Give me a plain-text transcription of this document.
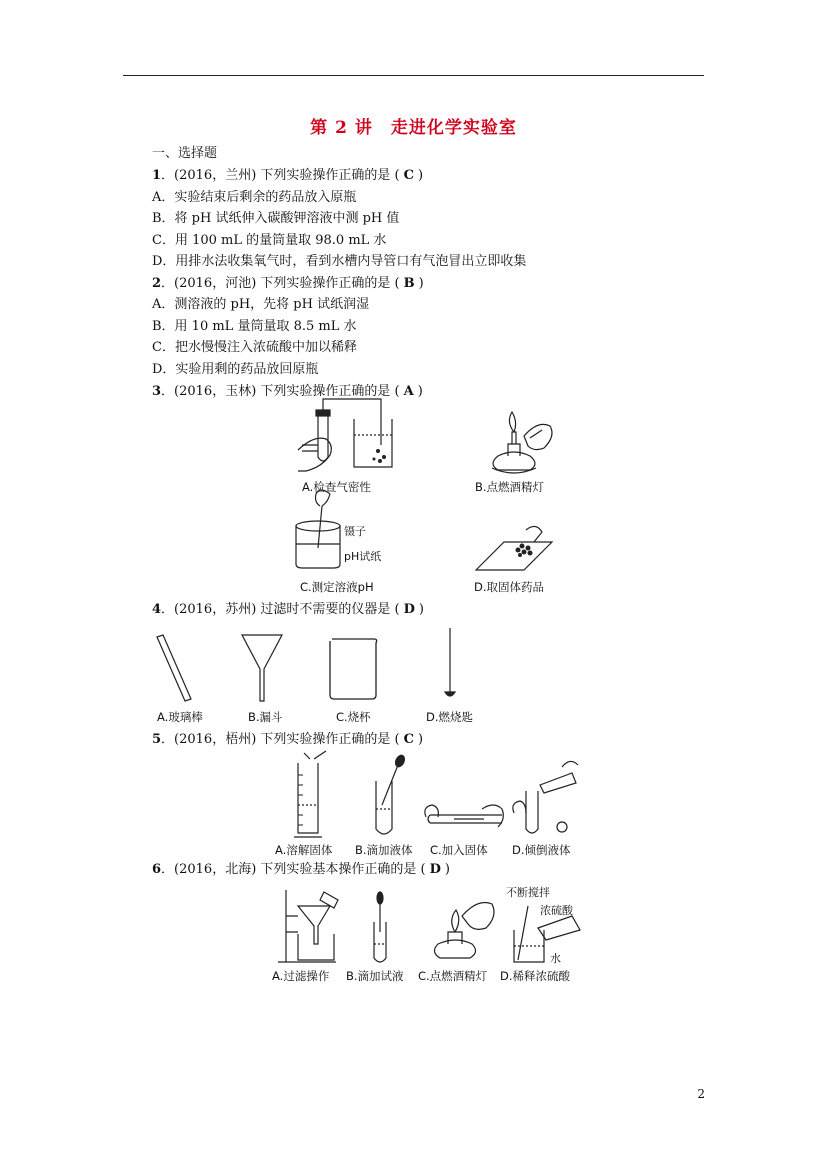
第 2 讲　走进化学实验室
一、选择题
1．(2016，兰州) 下列实验操作正确的是 ( C )
A．实验结束后剩余的药品放入原瓶
B．将 pH 试纸伸入碳酸钾溶液中测 pH 值
C．用 100 mL 的量筒量取 98.0 mL 水
D．用排水法收集氧气时，看到水槽内导管口有气泡冒出立即收集
2．(2016，河池) 下列实验操作正确的是 ( B )
A．测溶液的 pH，先将 pH 试纸润湿
B．用 10 mL 量筒量取 8.5 mL 水
C．把水慢慢注入浓硫酸中加以稀释
D．实验用剩的药品放回原瓶
3．(2016，玉林) 下列实验操作正确的是 ( A )
A.检查气密性	B.点燃酒精灯
镊子
pH试纸
C.测定溶液pH	D.取固体药品
4．(2016，苏州) 过滤时不需要的仪器是 ( D )
A.玻璃棒	B.漏斗	C.烧杯	D.燃烧匙
5．(2016，梧州) 下列实验操作正确的是 ( C )
A.溶解固体 B.滴加液体 C.加入固体 D.倾倒液体
6．(2016，北海) 下列实验基本操作正确的是 ( D )
A.过滤操作 B.滴加试液 C.点燃酒精灯
不断搅拌
浓硫酸
水
D.稀释浓硫酸
2
